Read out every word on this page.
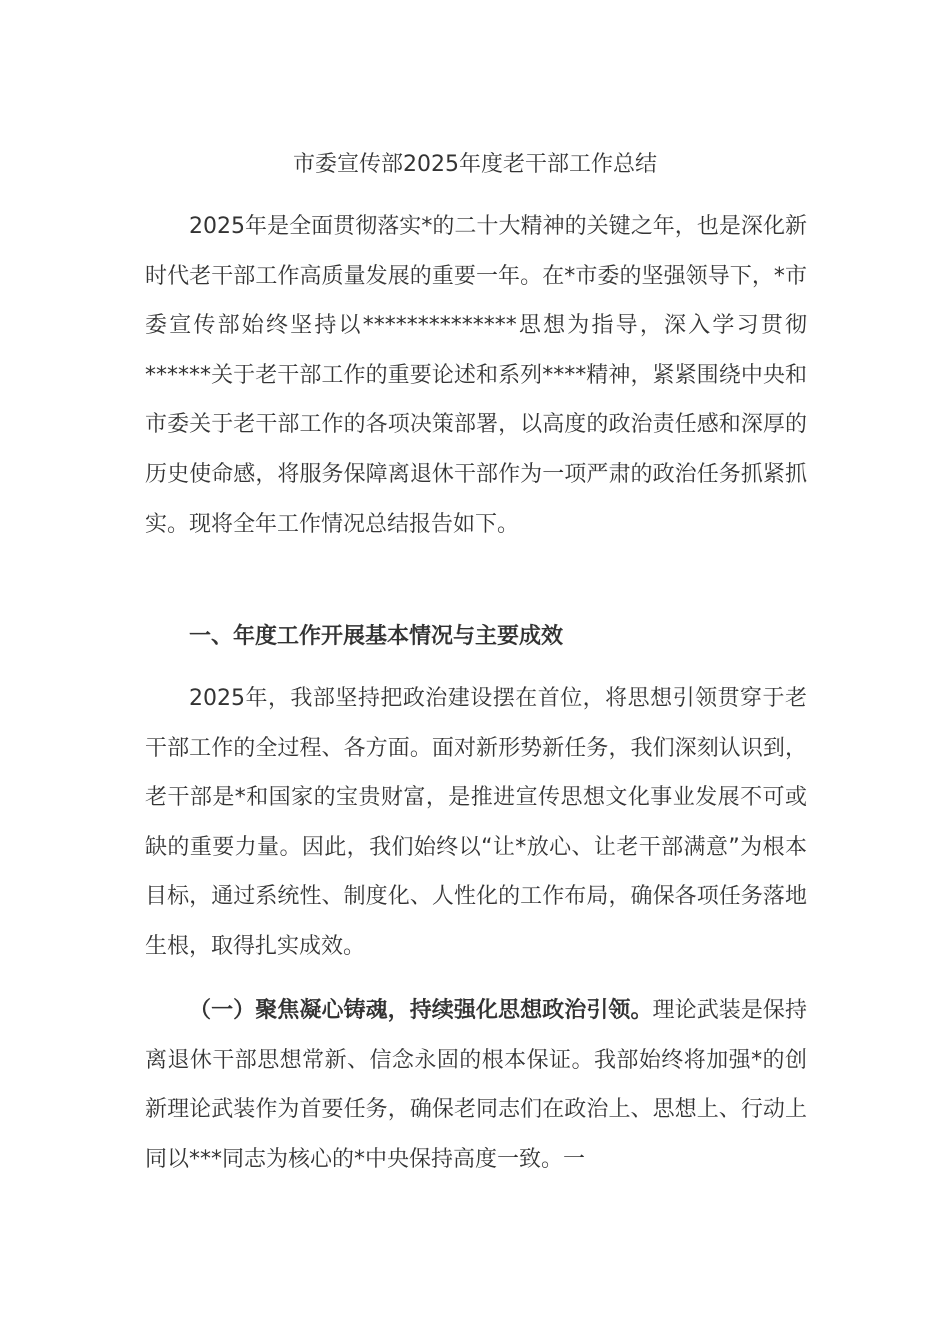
市委宣传部2025年度老干部工作总结

2025年是全面贯彻落实*的二十大精神的关键之年，也是深化新时代老干部工作高质量发展的重要一年。在*市委的坚强领导下，*市委宣传部始终坚持以**************思想为指导，深入学习贯彻******关于老干部工作的重要论述和系列****精神，紧紧围绕中央和市委关于老干部工作的各项决策部署，以高度的政治责任感和深厚的历史使命感，将服务保障离退休干部作为一项严肃的政治任务抓紧抓实。现将全年工作情况总结报告如下。

一、年度工作开展基本情况与主要成效

2025年，我部坚持把政治建设摆在首位，将思想引领贯穿于老干部工作的全过程、各方面。面对新形势新任务，我们深刻认识到，老干部是*和国家的宝贵财富，是推进宣传思想文化事业发展不可或缺的重要力量。因此，我们始终以“让*放心、让老干部满意”为根本目标，通过系统性、制度化、人性化的工作布局，确保各项任务落地生根，取得扎实成效。

（一）聚焦凝心铸魂，持续强化思想政治引领。理论武装是保持离退休干部思想常新、信念永固的根本保证。我部始终将加强*的创新理论武装作为首要任务，确保老同志们在政治上、思想上、行动上同以***同志为核心的*中央保持高度一致。一
